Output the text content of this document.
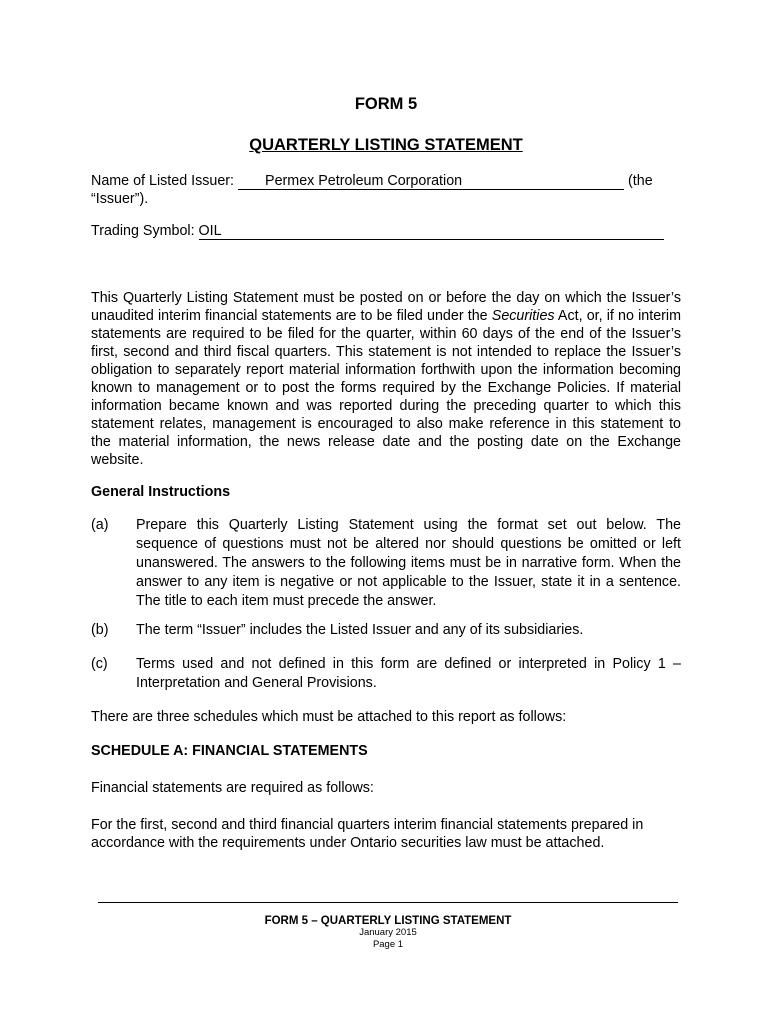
FORM 5
QUARTERLY LISTING STATEMENT
Name of Listed Issuer: Permex Petroleum Corporation	(the
“Issuer”).
Trading Symbol: OIL
This Quarterly Listing Statement must be posted on or before the day on which the Issuer’s unaudited interim financial statements are to be filed under the Securities Act, or, if no interim statements are required to be filed for the quarter, within 60 days of the end of the Issuer’s first, second and third fiscal quarters. This statement is not intended to replace the Issuer’s obligation to separately report material information forthwith upon the information becoming known to management or to post the forms required by the Exchange Policies. If material information became known and was reported during the preceding quarter to which this statement relates, management is encouraged to also make reference in this statement to the material information, the news release date and the posting date on the Exchange website.
General Instructions
(a) Prepare this Quarterly Listing Statement using the format set out below. The sequence of questions must not be altered nor should questions be omitted or left unanswered. The answers to the following items must be in narrative form. When the answer to any item is negative or not applicable to the Issuer, state it in a sentence. The title to each item must precede the answer.
(b) The term “Issuer” includes the Listed Issuer and any of its subsidiaries.
(c) Terms used and not defined in this form are defined or interpreted in Policy 1 – Interpretation and General Provisions.
There are three schedules which must be attached to this report as follows:
SCHEDULE A: FINANCIAL STATEMENTS
Financial statements are required as follows:
For the first, second and third financial quarters interim financial statements prepared in accordance with the requirements under Ontario securities law must be attached.
FORM 5 – QUARTERLY LISTING STATEMENT
January 2015
Page 1
